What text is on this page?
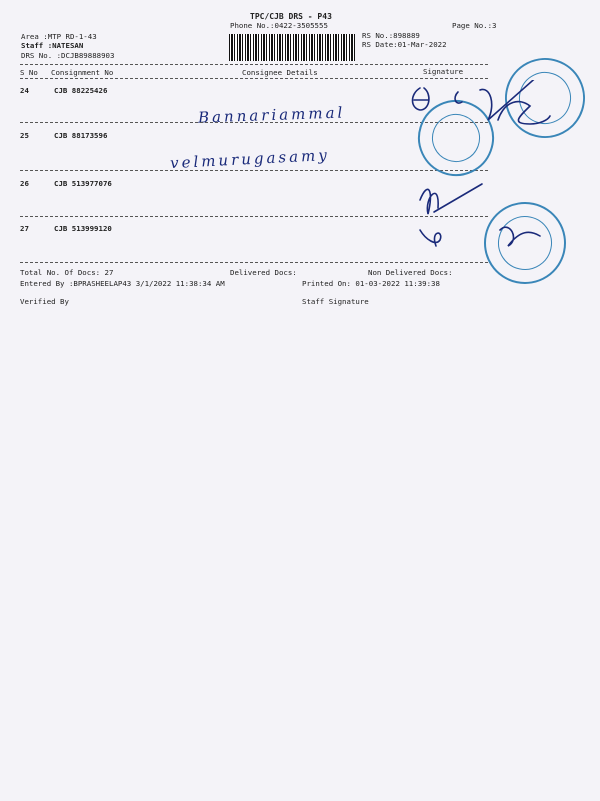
TPC/CJB DRS - P43
Phone No.:0422-3505555	Page No.:3
Area :MTP RD-1-43
Staff :NATESAN
DRS No. :DCJB89888903
RS No.:898889
RS Date:01-Mar-2022
S No Consignment No	Consignee Details	Signature
24	CJB 88225426
Bannariammal
25	CJB 88173596
velmurugasamy
26	CJB 513977076
27	CJB 513999120
Total No. Of Docs: 27	Delivered Docs:	Non Delivered Docs:
Entered By :BPRASHEELAP43 3/1/2022 11:38:34 AM	Printed On: 01-03-2022 11:39:38
Verified By	Staff Signature
